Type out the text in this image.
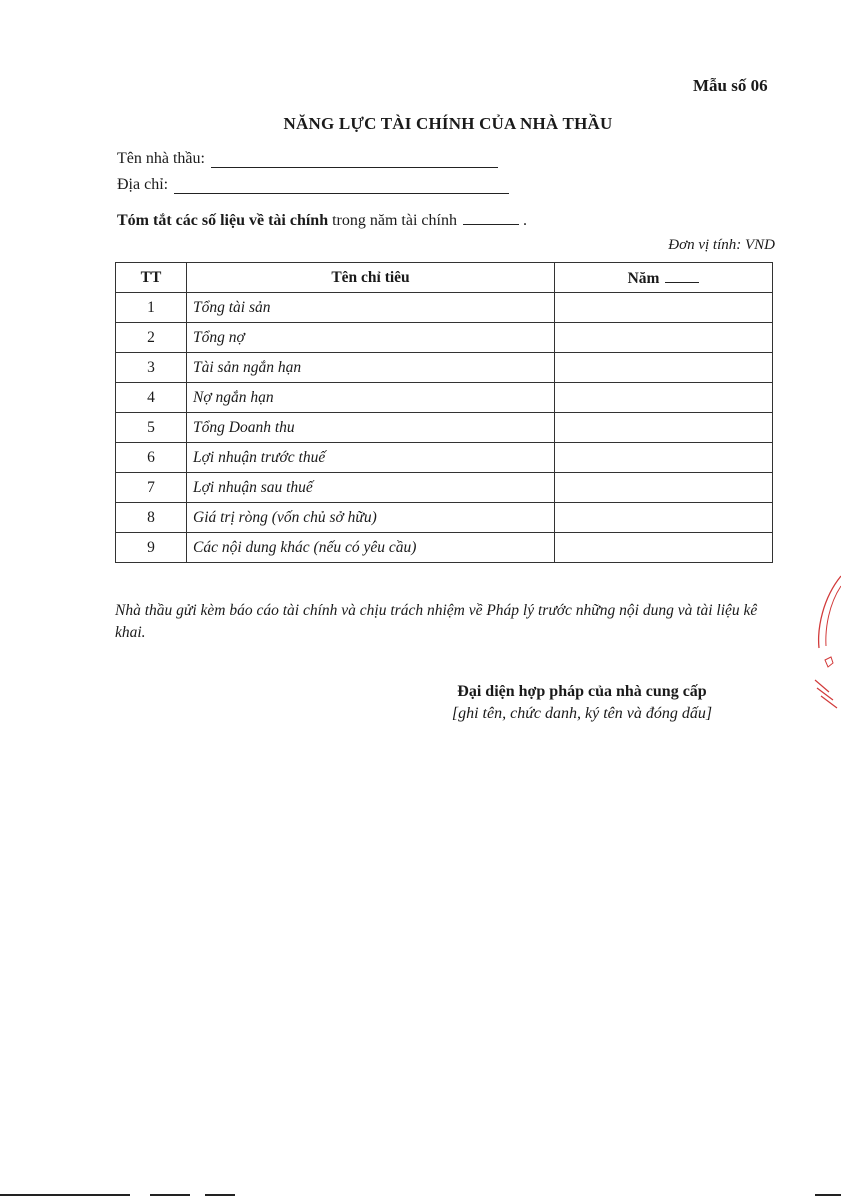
Mẫu số 06
NĂNG LỰC TÀI CHÍNH CỦA NHÀ THẦU
Tên nhà thầu:
Địa chỉ:
Tóm tắt các số liệu về tài chính trong năm tài chính	.
Đơn vị tính: VND
TT	Tên chỉ tiêu	Năm
1	Tổng tài sản	
2	Tổng nợ	
3	Tài sản ngắn hạn	
4	Nợ ngắn hạn	
5	Tổng Doanh thu	
6	Lợi nhuận trước thuế	
7	Lợi nhuận sau thuế	
8	Giá trị ròng (vốn chủ sở hữu)	
9	Các nội dung khác (nếu có yêu cầu)	
Nhà thầu gửi kèm báo cáo tài chính và chịu trách nhiệm về Pháp lý trước những nội dung và tài liệu kê khai.
Đại diện hợp pháp của nhà cung cấp
[ghi tên, chức danh, ký tên và đóng dấu]
